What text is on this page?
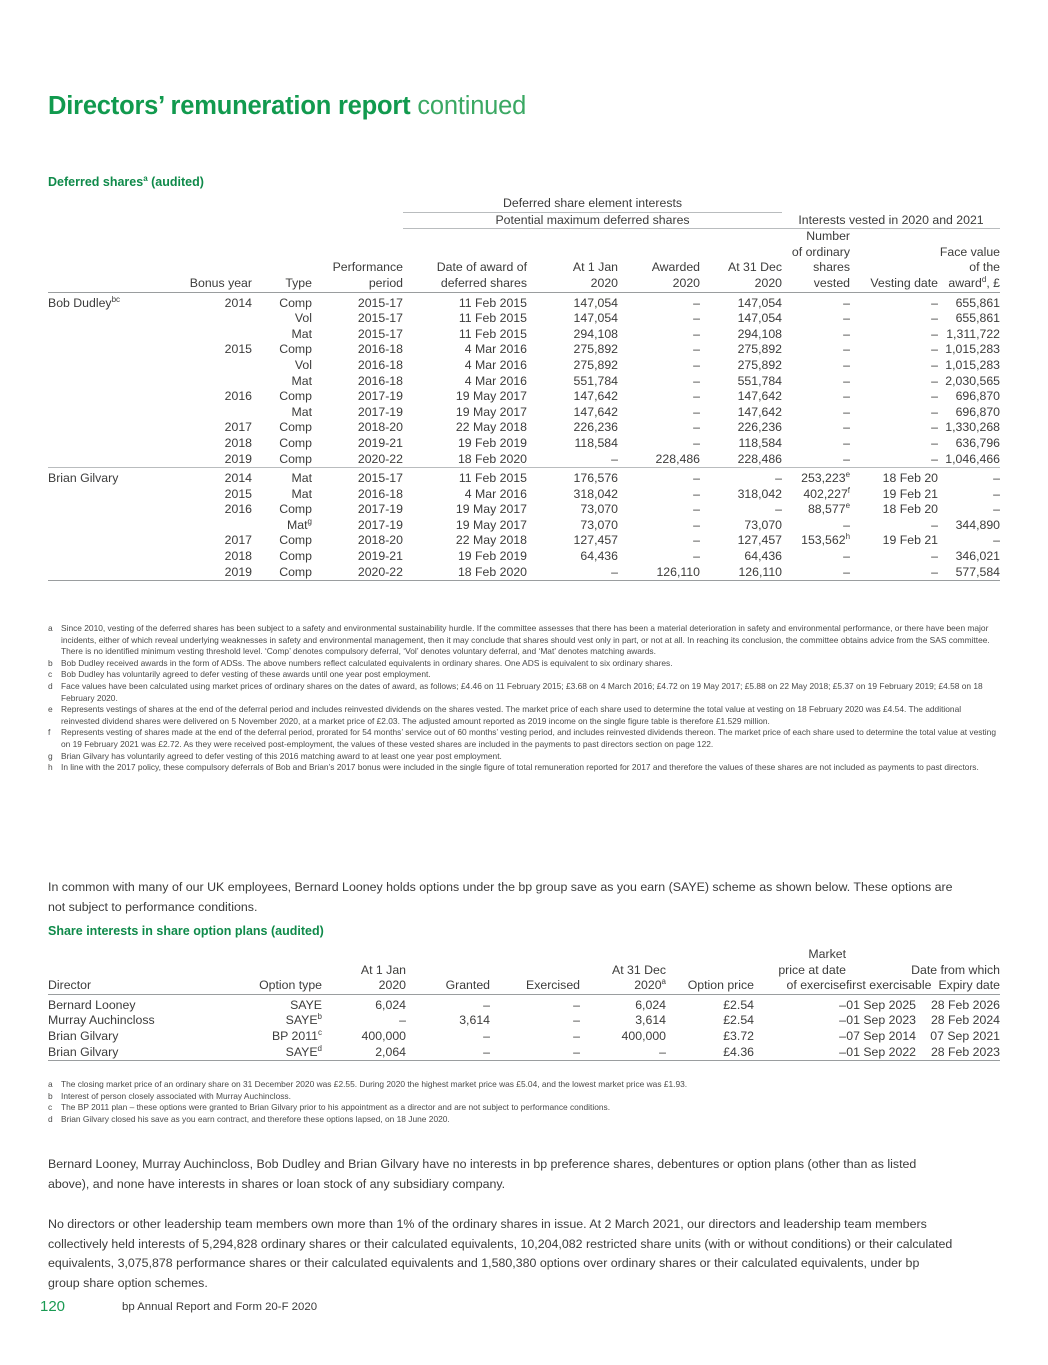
Directors’ remuneration report continued
Deferred shares$^a$ (audited)
				Deferred share element interests						
				Potential maximum deferred shares				Interests vested in 2020 and 2021		
								Number		
								of ordinary		Face value
			Performance	Date of award of	At 1 Jan	Awarded	At 31 Dec	shares		of the
	Bonus year	Type	period	deferred shares	2020	2020	2020	vested	Vesting date	award$^d$, £
Bob Dudley$^{bc}$	2014	Comp	2015-17	11 Feb 2015	147,054	–	147,054	–	–	655,861
		Vol	2015-17	11 Feb 2015	147,054	–	147,054	–	–	655,861
		Mat	2015-17	11 Feb 2015	294,108	–	294,108	–	–	1,311,722
	2015	Comp	2016-18	4 Mar 2016	275,892	–	275,892	–	–	1,015,283
		Vol	2016-18	4 Mar 2016	275,892	–	275,892	–	–	1,015,283
		Mat	2016-18	4 Mar 2016	551,784	–	551,784	–	–	2,030,565
	2016	Comp	2017-19	19 May 2017	147,642	–	147,642	–	–	696,870
		Mat	2017-19	19 May 2017	147,642	–	147,642	–	–	696,870
	2017	Comp	2018-20	22 May 2018	226,236	–	226,236	–	–	1,330,268
	2018	Comp	2019-21	19 Feb 2019	118,584	–	118,584	–	–	636,796
	2019	Comp	2020-22	18 Feb 2020	–	228,486	228,486	–	–	1,046,466
Brian Gilvary	2014	Mat	2015-17	11 Feb 2015	176,576	–	–	253,223e	18 Feb 20	–
	2015	Mat	2016-18	4 Mar 2016	318,042	–	318,042	402,227$^f$	19 Feb 21	–
	2016	Comp	2017-19	19 May 2017	73,070	–	–	88,577e	18 Feb 20	–
		Mat$^g$	2017-19	19 May 2017	73,070	–	73,070	–	–	344,890
	2017	Comp	2018-20	22 May 2018	127,457	–	127,457	153,562$^h$	19 Feb 21	–
	2018	Comp	2019-21	19 Feb 2019	64,436	–	64,436	–	–	346,021
	2019	Comp	2020-22	18 Feb 2020	–	126,110	126,110	–	–	577,584

a Since 2010, vesting of the deferred shares has been subject to a safety and environmental sustainability hurdle. If the committee assesses that there has been a material deterioration in safety and environmental performance, or there have been major incidents, either of which reveal underlying weaknesses in safety and environmental management, then it may conclude that shares should vest only in part, or not at all. In reaching its conclusion, the committee obtains advice from the SAS committee. There is no identified minimum vesting threshold level. ‘Comp’ denotes compulsory deferral, ‘Vol’ denotes voluntary deferral, and ‘Mat’ denotes matching awards.
b Bob Dudley received awards in the form of ADSs. The above numbers reflect calculated equivalents in ordinary shares. One ADS is equivalent to six ordinary shares.
c Bob Dudley has voluntarily agreed to defer vesting of these awards until one year post employment.
d Face values have been calculated using market prices of ordinary shares on the dates of award, as follows; £4.46 on 11 February 2015; £3.68 on 4 March 2016; £4.72 on 19 May 2017; £5.88 on 22 May 2018; £5.37 on 19 February 2019; £4.58 on 18 February 2020.
e Represents vestings of shares at the end of the deferral period and includes reinvested dividends on the shares vested. The market price of each share used to determine the total value at vesting on 18 February 2020 was £4.54. The additional reinvested dividend shares were delivered on 5 November 2020, at a market price of £2.03. The adjusted amount reported as 2019 income on the single figure table is therefore £1.529 million.
f Represents vesting of shares made at the end of the deferral period, prorated for 54 months’ service out of 60 months’ vesting period, and includes reinvested dividends thereon. The market price of each share used to determine the total value at vesting on 19 February 2021 was £2.72. As they were received post-employment, the values of these vested shares are included in the payments to past directors section on page 122.
g Brian Gilvary has voluntarily agreed to defer vesting of this 2016 matching award to at least one year post employment.
h In line with the 2017 policy, these compulsory deferrals of Bob and Brian’s 2017 bonus were included in the single figure of total remuneration reported for 2017 and therefore the values of these shares are not included as payments to past directors.
In common with many of our UK employees, Bernard Looney holds options under the bp group save as you earn (SAYE) scheme as shown below. These options are not subject to performance conditions.
Share interests in share option plans (audited)
							Market		
		At 1 Jan			At 31 Dec		price at date	Date from which	
Director	Option type	2020	Granted	Exercised	2020$^a$	Option price	of exercise	first exercisable	Expiry date
Bernard Looney	SAYE	6,024	–	–	6,024	£2.54	–	01 Sep 2025	28 Feb 2026
Murray Auchincloss	SAYE$^b$	–	3,614	–	3,614	£2.54	–	01 Sep 2023	28 Feb 2024
Brian Gilvary	BP 2011$^c$	400,000	–	–	400,000	£3.72	–	07 Sep 2014	07 Sep 2021
Brian Gilvary	SAYE$^d$	2,064	–	–	–	£4.36	–	01 Sep 2022	28 Feb 2023

a The closing market price of an ordinary share on 31 December 2020 was £2.55. During 2020 the highest market price was £5.04, and the lowest market price was £1.93.
b Interest of person closely associated with Murray Auchincloss.
c The BP 2011 plan – these options were granted to Brian Gilvary prior to his appointment as a director and are not subject to performance conditions.
d Brian Gilvary closed his save as you earn contract, and therefore these options lapsed, on 18 June 2020.
Bernard Looney, Murray Auchincloss, Bob Dudley and Brian Gilvary have no interests in bp preference shares, debentures or option plans (other than as listed above), and none have interests in shares or loan stock of any subsidiary company.
No directors or other leadership team members own more than 1% of the ordinary shares in issue. At 2 March 2021, our directors and leadership team members collectively held interests of 5,294,828 ordinary shares or their calculated equivalents, 10,204,082 restricted share units (with or without conditions) or their calculated equivalents, 3,075,878 performance shares or their calculated equivalents and 1,580,380 options over ordinary shares or their calculated equivalents, under bp group share option schemes.
120	bp Annual Report and Form 20-F 2020
